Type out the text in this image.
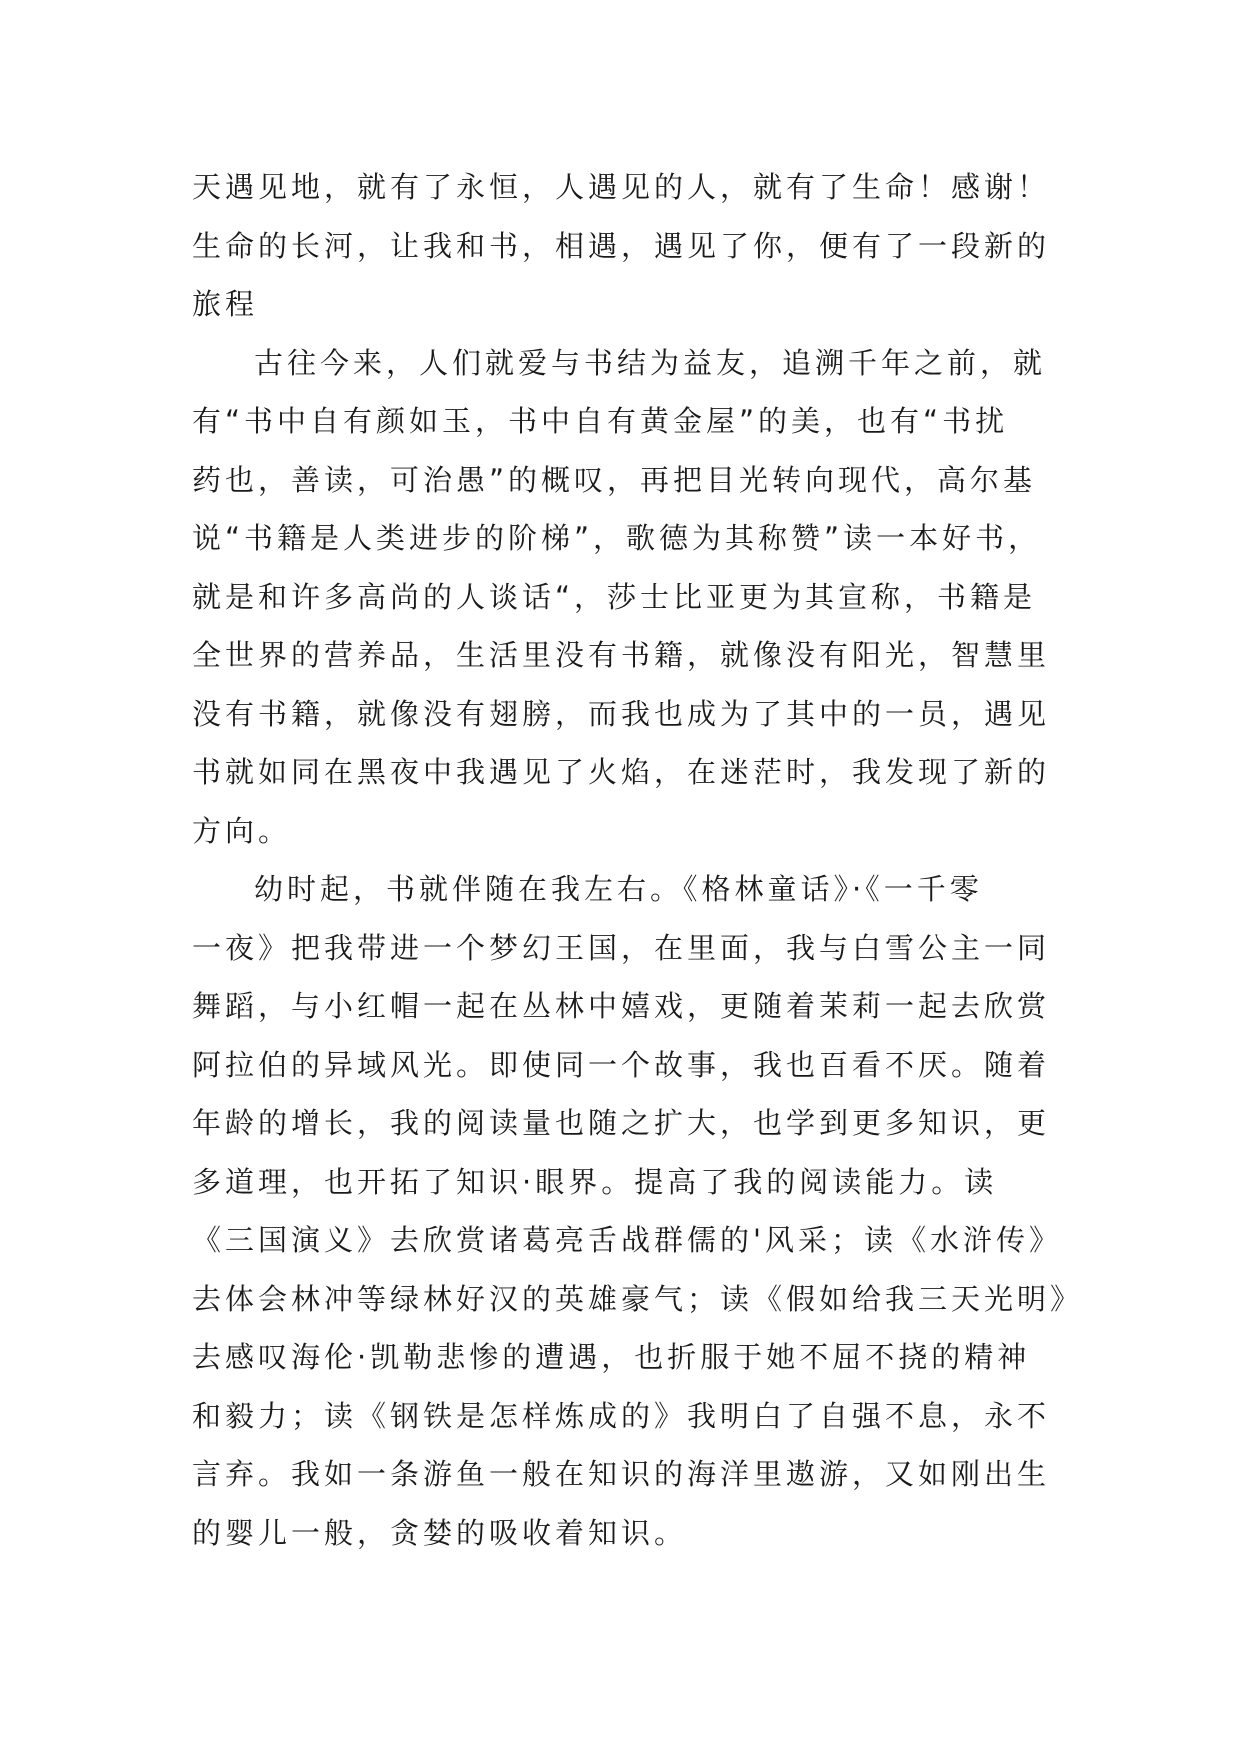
天遇见地，就有了永恒，人遇见的人，就有了生命！感谢！
生命的长河，让我和书，相遇，遇见了你，便有了一段新的
旅程
古往今来，人们就爱与书结为益友，追溯千年之前，就
有“书中自有颜如玉，书中自有黄金屋”的美，也有“书扰
药也，善读，可治愚”的概叹，再把目光转向现代，高尔基
说“书籍是人类进步的阶梯”，歌德为其称赞”读一本好书，
就是和许多高尚的人谈话“，莎士比亚更为其宣称，书籍是
全世界的营养品，生活里没有书籍，就像没有阳光，智慧里
没有书籍，就像没有翅膀，而我也成为了其中的一员，遇见
书就如同在黑夜中我遇见了火焰，在迷茫时，我发现了新的
方向。
幼时起，书就伴随在我左右。《格林童话》·《一千零
一夜》把我带进一个梦幻王国，在里面，我与白雪公主一同
舞蹈，与小红帽一起在丛林中嬉戏，更随着茉莉一起去欣赏
阿拉伯的异域风光。即使同一个故事，我也百看不厌。随着
年龄的增长，我的阅读量也随之扩大，也学到更多知识，更
多道理，也开拓了知识·眼界。提高了我的阅读能力。读
《三国演义》去欣赏诸葛亮舌战群儒的'风采；读《水浒传》
去体会林冲等绿林好汉的英雄豪气；读《假如给我三天光明》
去感叹海伦·凯勒悲惨的遭遇，也折服于她不屈不挠的精神
和毅力；读《钢铁是怎样炼成的》我明白了自强不息，永不
言弃。我如一条游鱼一般在知识的海洋里遨游，又如刚出生
的婴儿一般，贪婪的吸收着知识。
